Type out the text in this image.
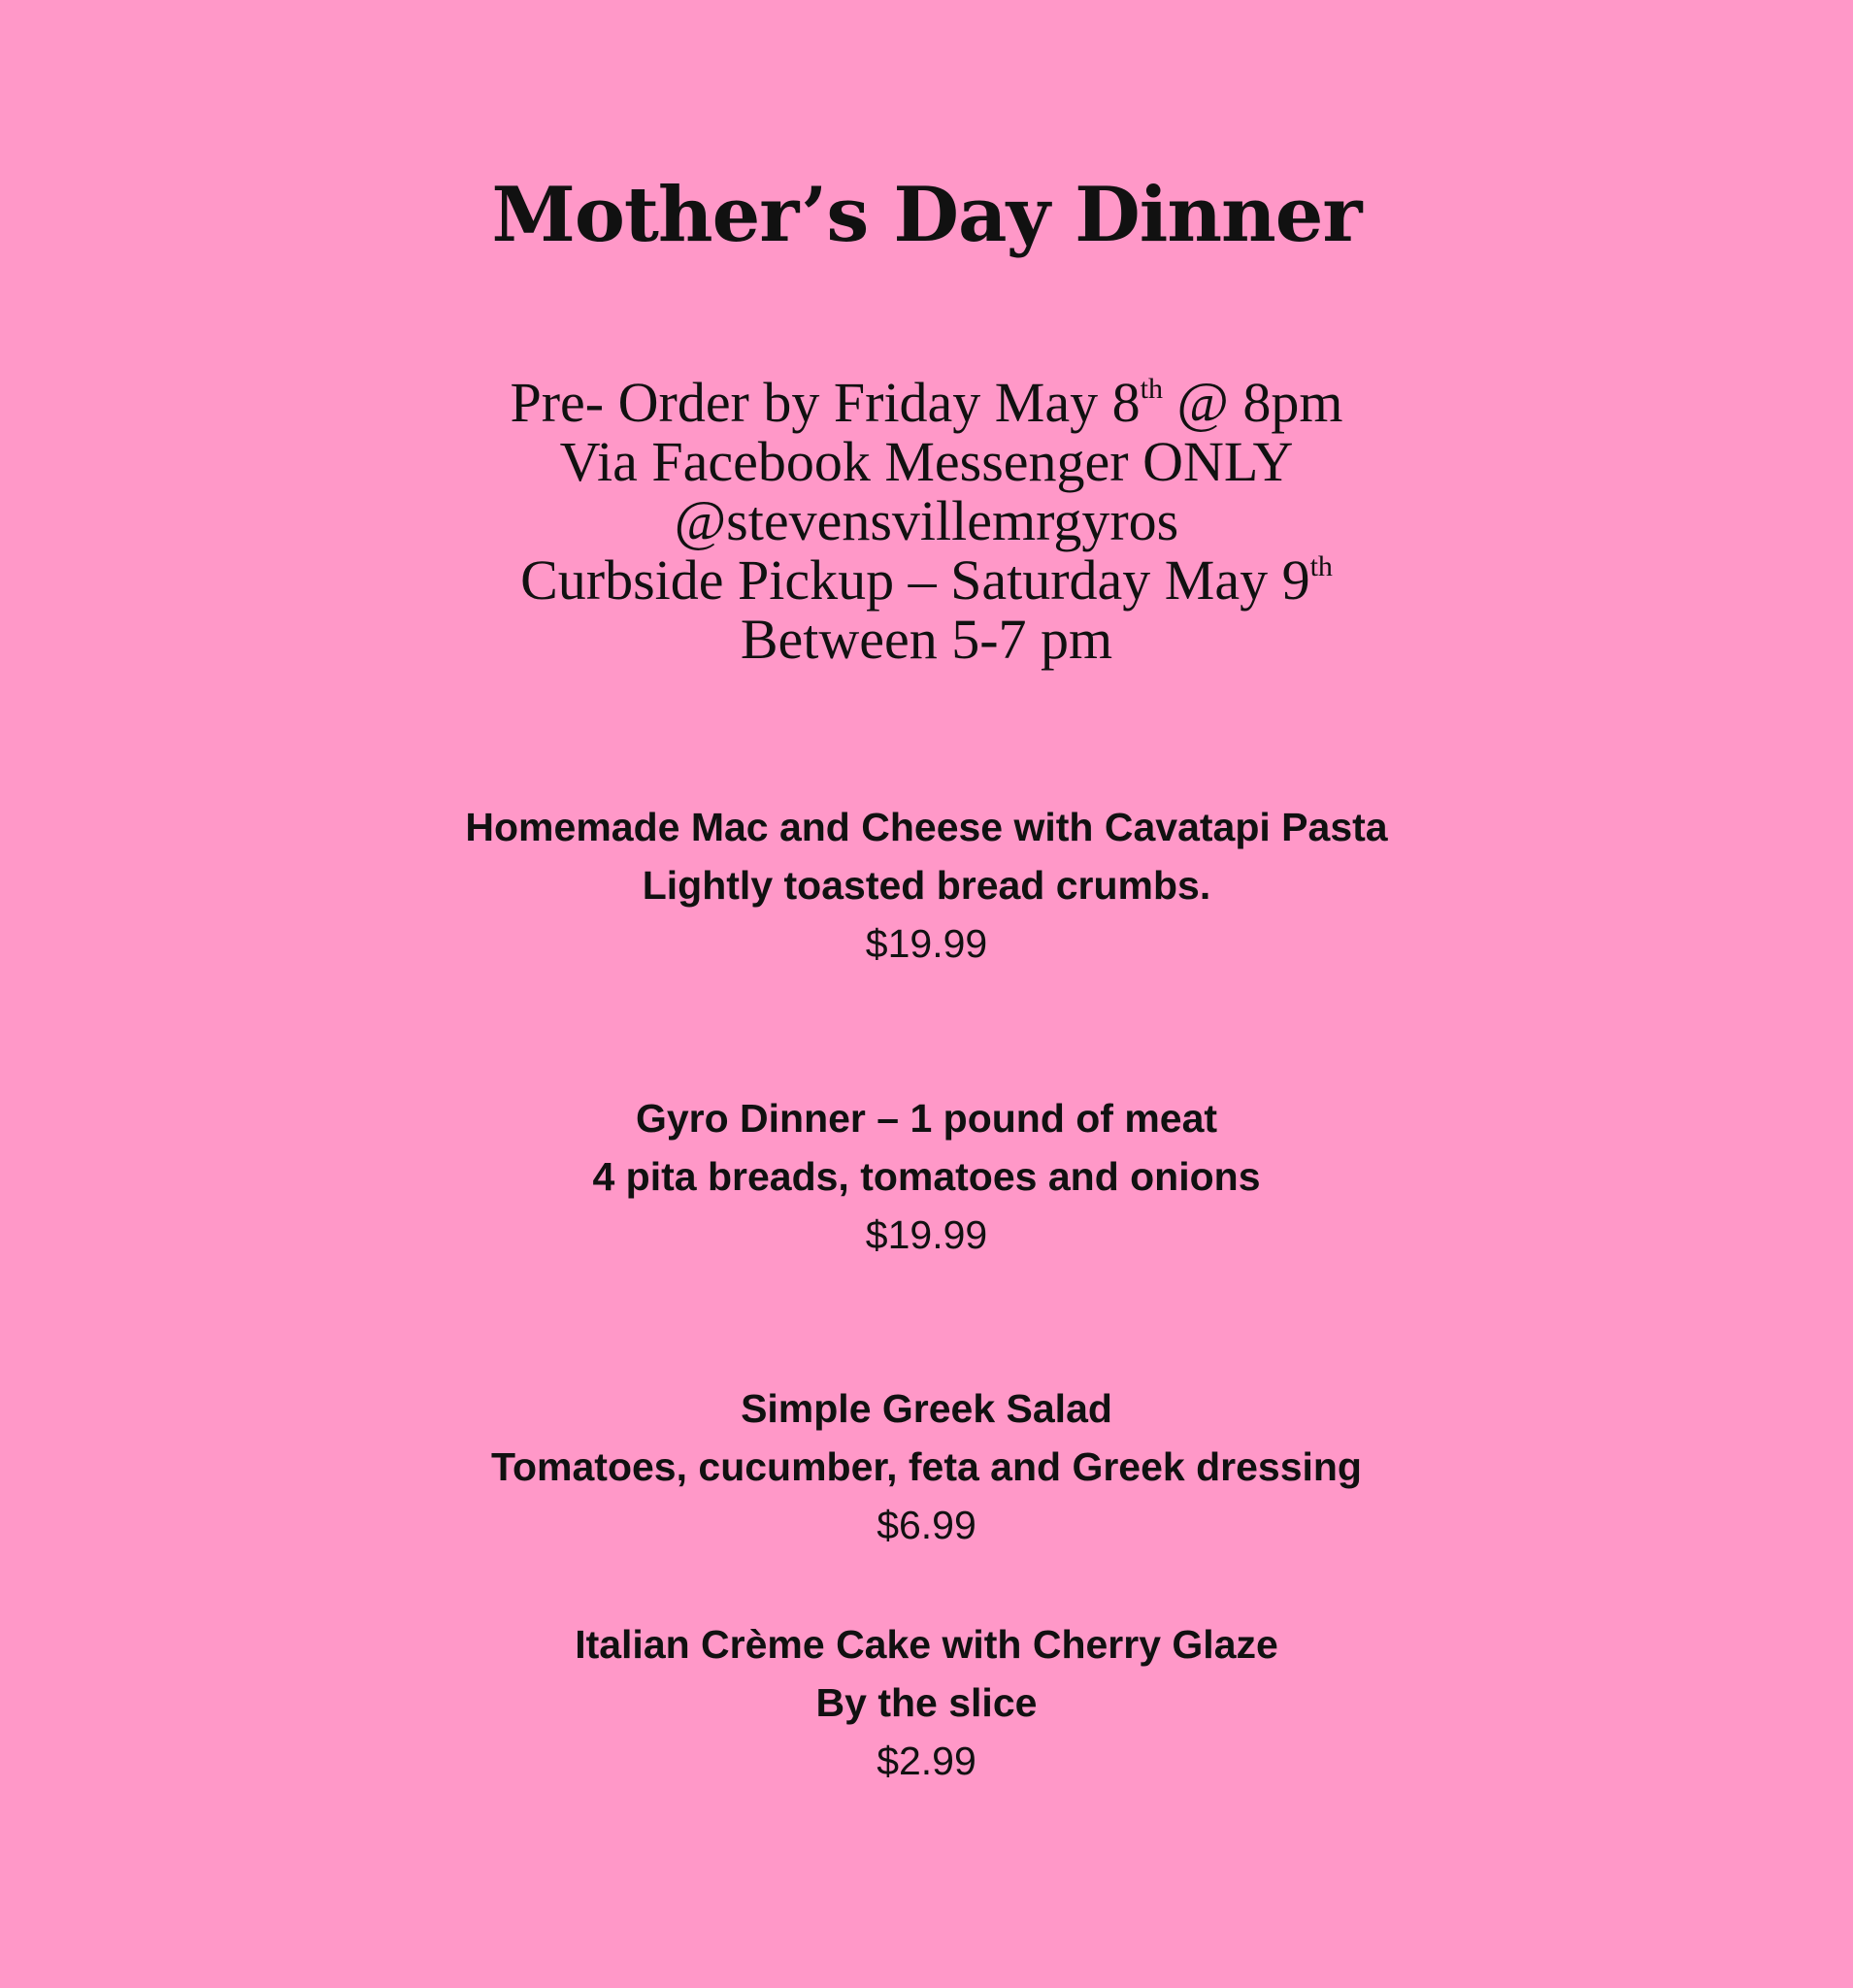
Mother’s Day Dinner
Pre- Order by Friday May 8th @ 8pm
Via Facebook Messenger ONLY
@stevensvillemrgyros
Curbside Pickup – Saturday May 9th
Between 5-7 pm
Homemade Mac and Cheese with Cavatapi Pasta
Lightly toasted bread crumbs.
$19.99
Gyro Dinner – 1 pound of meat
4 pita breads, tomatoes and onions
$19.99
Simple Greek Salad
Tomatoes, cucumber, feta and Greek dressing
$6.99
Italian Crème Cake with Cherry Glaze
By the slice
$2.99
